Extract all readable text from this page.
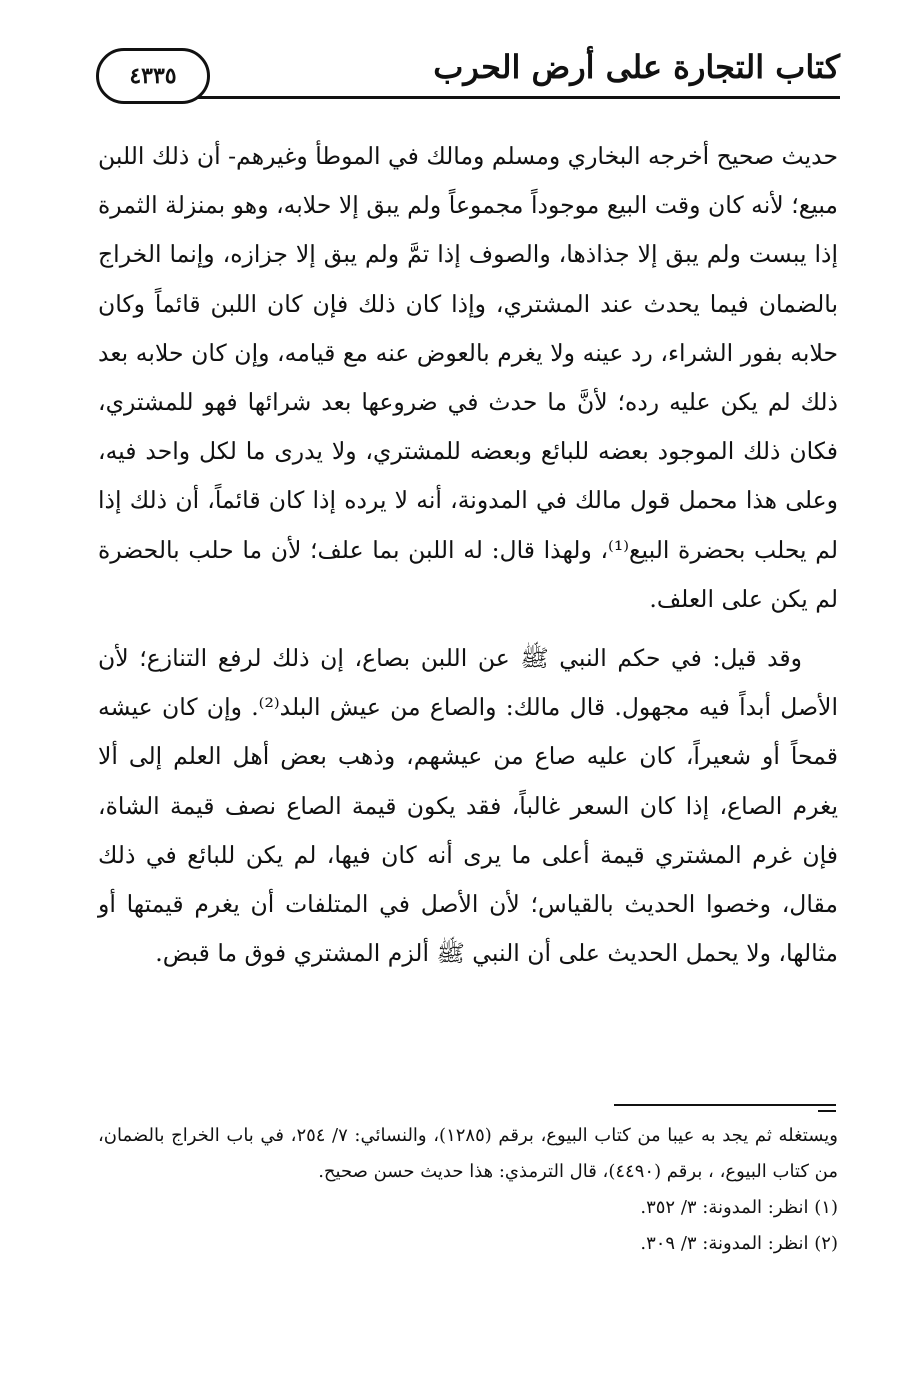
٤٣٣٥	كتاب التجارة على أرض الحرب

حديث صحيح أخرجه البخاري ومسلم ومالك في الموطأ وغيرهم- أن ذلك اللبن مبيع؛ لأنه كان وقت البيع موجوداً مجموعاً ولم يبق إلا حلابه، وهو بمنزلة الثمرة إذا يبست ولم يبق إلا جذاذها، والصوف إذا تمَّ ولم يبق إلا جزازه، وإنما الخراج بالضمان فيما يحدث عند المشتري، وإذا كان ذلك فإن كان اللبن قائماً وكان حلابه بفور الشراء، رد عينه ولا يغرم بالعوض عنه مع قيامه، وإن كان حلابه بعد ذلك لم يكن عليه رده؛ لأنَّ ما حدث في ضروعها بعد شرائها فهو للمشتري، فكان ذلك الموجود بعضه للبائع وبعضه للمشتري، ولا يدرى ما لكل واحد فيه، وعلى هذا محمل قول مالك في المدونة، أنه لا يرده إذا كان قائماً، أن ذلك إذا لم يحلب بحضرة البيع⁽¹⁾، ولهذا قال: له اللبن بما علف؛ لأن ما حلب بالحضرة لم يكن على العلف.

وقد قيل: في حكم النبي ﷺ عن اللبن بصاع، إن ذلك لرفع التنازع؛ لأن الأصل أبداً فيه مجهول. قال مالك: والصاع من عيش البلد⁽²⁾. وإن كان عيشه قمحاً أو شعيراً، كان عليه صاع من عيشهم، وذهب بعض أهل العلم إلى ألا يغرم الصاع، إذا كان السعر غالباً، فقد يكون قيمة الصاع نصف قيمة الشاة، فإن غرم المشتري قيمة أعلى ما يرى أنه كان فيها، لم يكن للبائع في ذلك مقال، وخصوا الحديث بالقياس؛ لأن الأصل في المتلفات أن يغرم قيمتها أو مثالها، ولا يحمل الحديث على أن النبي ﷺ ألزم المشتري فوق ما قبض.

ويستغله ثم يجد به عيبا من كتاب البيوع، برقم (١٢٨٥)، والنسائي: ٧/ ٢٥٤، في باب الخراج بالضمان، من كتاب البيوع، ، برقم (٤٤٩٠)، قال الترمذي: هذا حديث حسن صحيح.

(١) انظر: المدونة: ٣/ ٣٥٢.

(٢) انظر: المدونة: ٣/ ٣٠٩.
